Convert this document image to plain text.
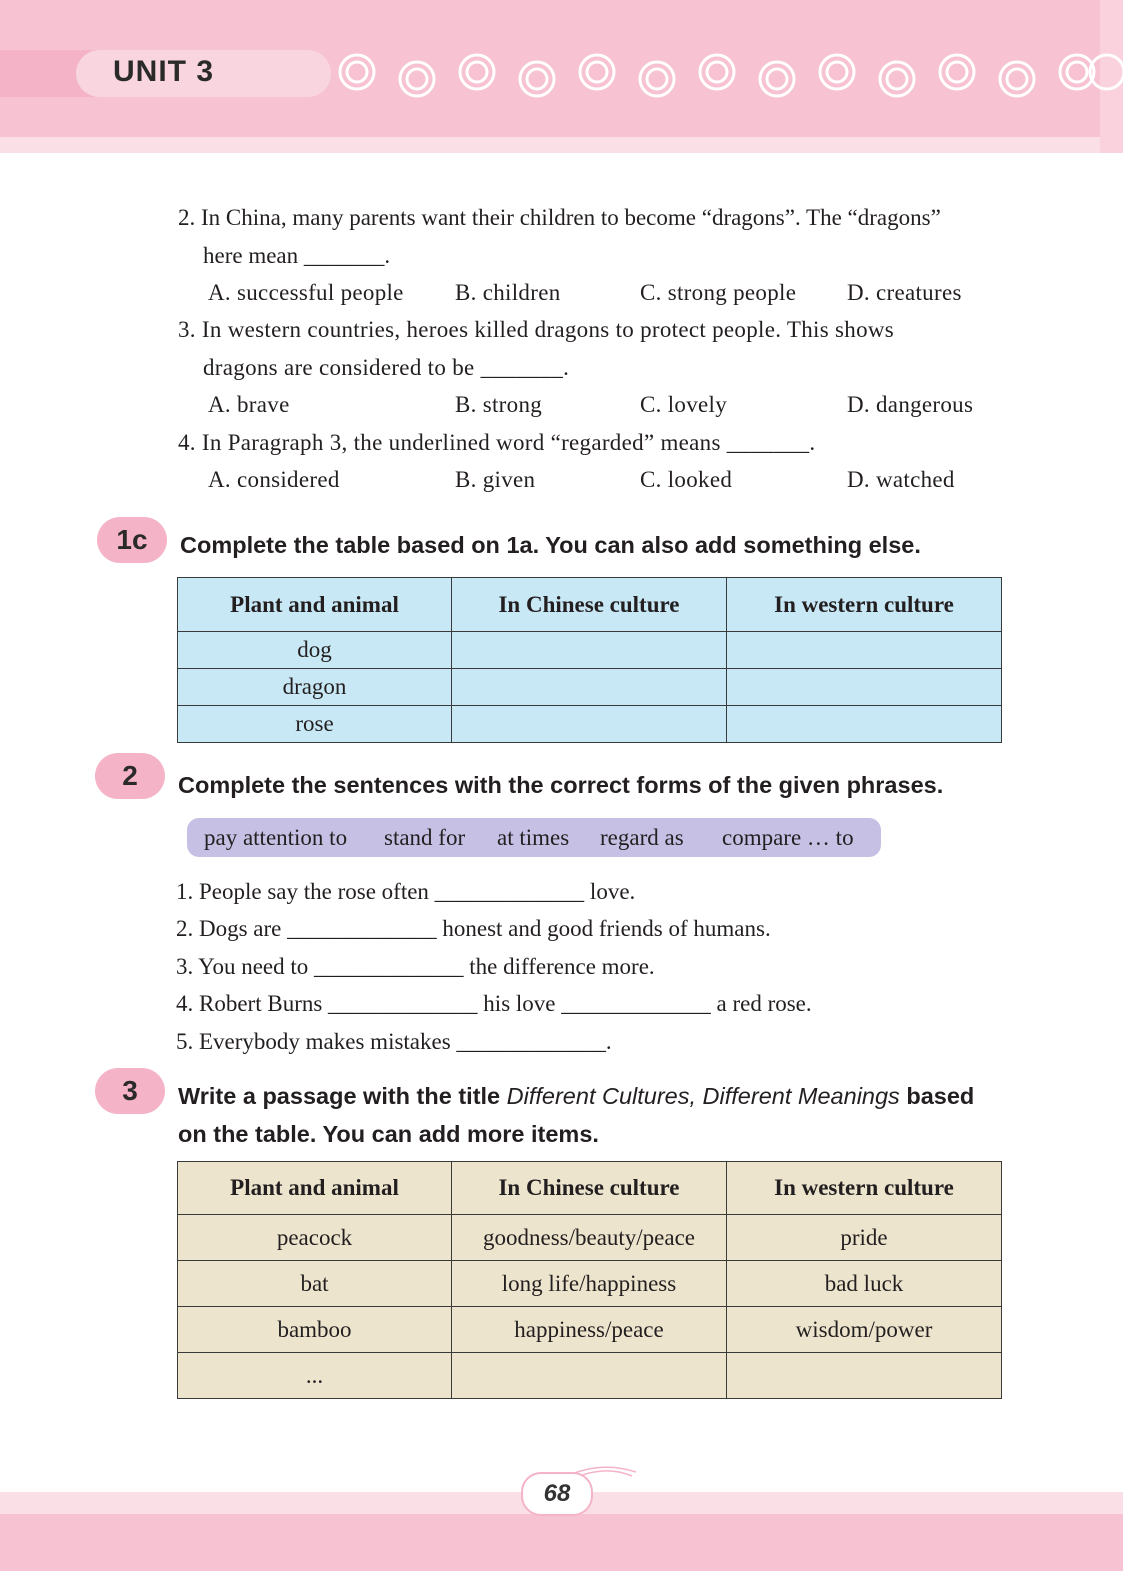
UNIT 3
2. In China, many parents want their children to become “dragons”. The “dragons”
here mean _______.
A. successful people B. children	C. strong people D. creatures
3. In western countries, heroes killed dragons to protect people. This shows
dragons are considered to be _______.
A. brave	B. strong	C. lovely	D. dangerous
4. In Paragraph 3, the underlined word “regarded” means _______.
A. considered	B. given	C. looked	D. watched
1c	Complete the table based on 1a. You can also add something else.
Plant and animal	In Chinese culture	In western culture
dog		
dragon		
rose		
2	Complete the sentences with the correct forms of the given phrases.
pay attention to stand for at times regard as compare … to
1. People say the rose often _____________ love.
2. Dogs are _____________ honest and good friends of humans.
3. You need to _____________ the difference more.
4. Robert Burns _____________ his love _____________ a red rose.
5. Everybody makes mistakes _____________.
3	Write a passage with the title Different Cultures, Different Meanings based
on the table. You can add more items.
Plant and animal	In Chinese culture	In western culture
peacock	goodness/beauty/peace	pride
bat	long life/happiness	bad luck
bamboo	happiness/peace	wisdom/power
...		
68
